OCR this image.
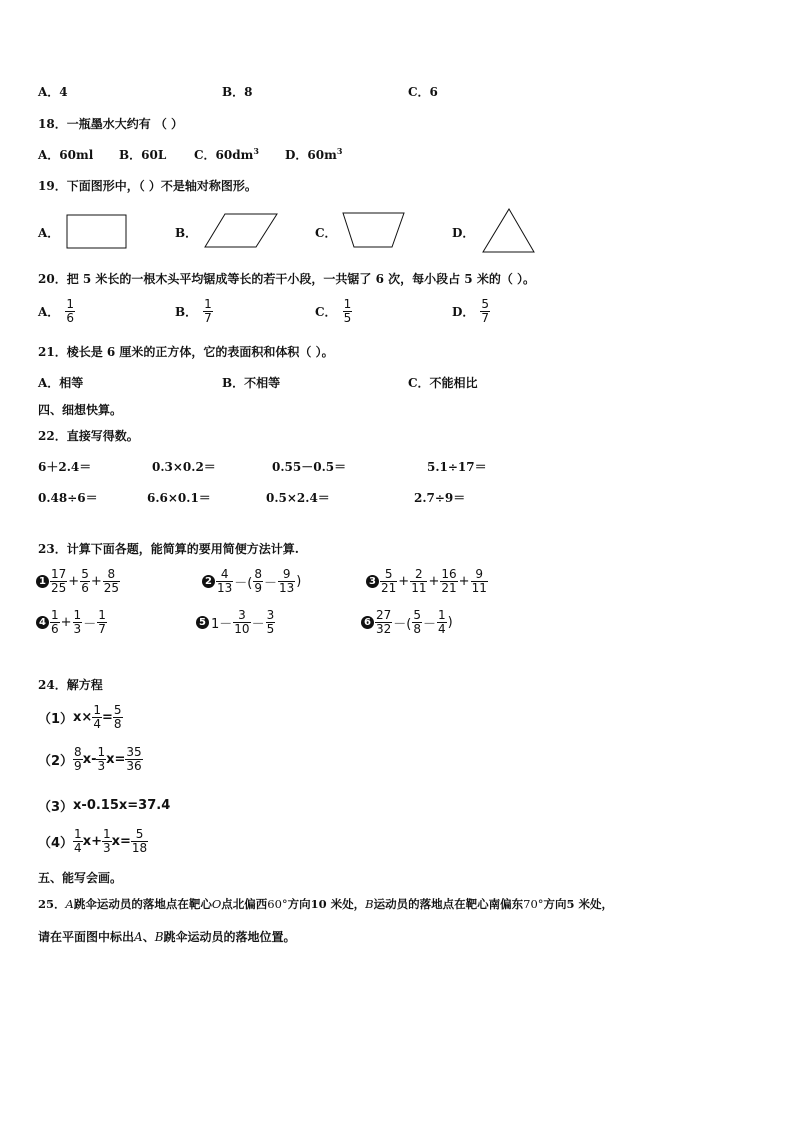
A．4	B．8	C．6
18．一瓶墨水大约有 （ ）
A．60ml B．60L C．$60dm^3$ D．$60m^3$
19．下面图形中，（ ）不是轴对称图形。
A．	B．	C．	D．
20．把 5 米长的一根木头平均锯成等长的若干小段，一共锯了 6 次，每小段占 5 米的（ ）。
A． $\frac{1}{6}$	B． $\frac{1}{7}$	C． $\frac{1}{5}$	D． $\frac{5}{7}$
21．棱长是 6 厘米的正方体，它的表面积和体积（ ）。
A．相等	B．不相等	C．不能相比
四、细想快算。
22．直接写得数。
6＋2.4＝	0.3×0.2＝	0.55－0.5＝	5.1÷17＝
0.48÷6＝	6.6×0.1＝	0.5×2.4＝	2.7÷9＝
23．计算下面各题，能简算的要用简便方法计算.
$1 \frac{17}{25} + \frac{5}{6} + \frac{8}{25}$	$2 \frac{4}{13}$ －( $\frac{8}{9} - \frac{9}{13}$ )	$3 \frac{5}{21} + \frac{2}{11} + \frac{16}{21} + \frac{9}{11}$
$4 \frac{1}{6} + \frac{1}{3} - \frac{1}{7}$	5 $1- \frac{3}{10} - \frac{3}{5}$	$6 \frac{27}{32}$ －( $\frac{5}{8} - \frac{1}{4}$ )
24．解方程
（1） $x\times \frac{1}{4} = \frac{5}{8}$
$(2) \frac{8}{9} x- \frac{1}{3} x= \frac{35}{36}$
（3） x-0.15x=37.4
$(4) \frac{1}{4} x+ \frac{1}{3} x= \frac{5}{18}$
五、能写会画。
25．A跳伞运动员的落地点在靶心O点北偏西60°方向10 米处，B运动员的落地点在靶心南偏东70°方向5 米处，
请在平面图中标出A、B跳伞运动员的落地位置。
